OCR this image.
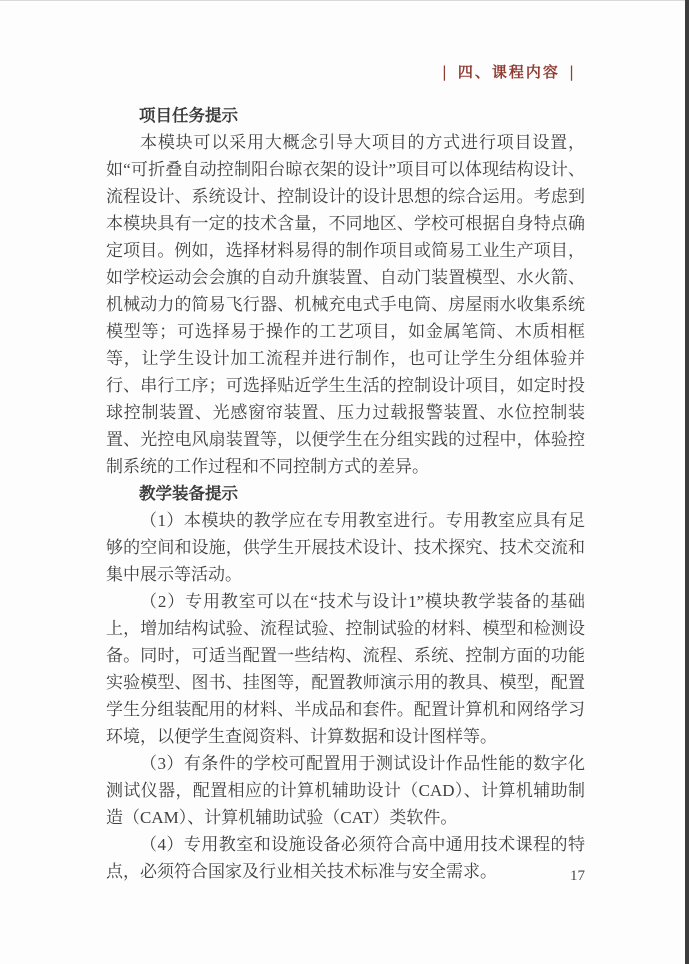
| 四、课程内容 |
项目任务提示

本模块可以采用大概念引导大项目的方式进行项目设置，如“可折叠自动控制阳台晾衣架的设计”项目可以体现结构设计、流程设计、系统设计、控制设计的设计思想的综合运用。考虑到本模块具有一定的技术含量，不同地区、学校可根据自身特点确定项目。例如，选择材料易得的制作项目或简易工业生产项目，如学校运动会会旗的自动升旗装置、自动门装置模型、水火箭、机械动力的简易飞行器、机械充电式手电筒、房屋雨水收集系统模型等；可选择易于操作的工艺项目，如金属笔筒、木质相框等，让学生设计加工流程并进行制作，也可让学生分组体验并行、串行工序；可选择贴近学生生活的控制设计项目，如定时投球控制装置、光感窗帘装置、压力过载报警装置、水位控制装置、光控电风扇装置等，以便学生在分组实践的过程中，体验控制系统的工作过程和不同控制方式的差异。

教学装备提示

（1）本模块的教学应在专用教室进行。专用教室应具有足够的空间和设施，供学生开展技术设计、技术探究、技术交流和集中展示等活动。

（2）专用教室可以在“技术与设计1”模块教学装备的基础上，增加结构试验、流程试验、控制试验的材料、模型和检测设备。同时，可适当配置一些结构、流程、系统、控制方面的功能实验模型、图书、挂图等，配置教师演示用的教具、模型，配置学生分组装配用的材料、半成品和套件。配置计算机和网络学习环境，以便学生查阅资料、计算数据和设计图样等。

（3）有条件的学校可配置用于测试设计作品性能的数字化测试仪器，配置相应的计算机辅助设计（CAD）、计算机辅助制造（CAM）、计算机辅助试验（CAT）类软件。

（4）专用教室和设施设备必须符合高中通用技术课程的特点，必须符合国家及行业相关技术标准与安全需求。	17
